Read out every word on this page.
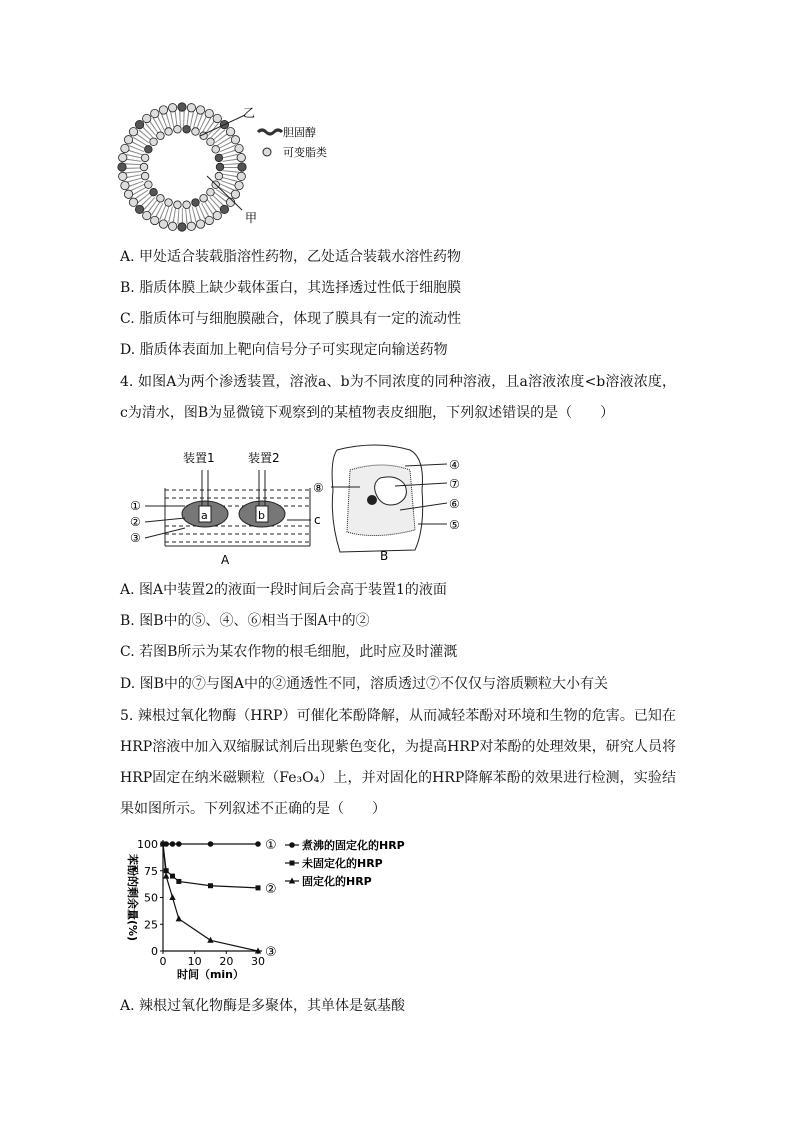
乙
甲
胆固醇
可变脂类
A. 甲处适合装载脂溶性药物，乙处适合装载水溶性药物
B. 脂质体膜上缺少载体蛋白，其选择透过性低于细胞膜
C. 脂质体可与细胞膜融合，体现了膜具有一定的流动性
D. 脂质体表面加上靶向信号分子可实现定向输送药物
4. 如图A为两个渗透装置，溶液a、b为不同浓度的同种溶液，且a溶液浓度<b溶液浓度，c为清水，图B为显微镜下观察到的某植物表皮细胞，下列叙述错误的是（　　）
装置1	装置2
a	b	c
①
②
③
A
④
⑦
⑥
⑤
⑧
B
A. 图A中装置2的液面一段时间后会高于装置1的液面
B. 图B中的⑤、④、⑥相当于图A中的②
C. 若图B所示为某农作物的根毛细胞，此时应及时灌溉
D. 图B中的⑦与图A中的②通透性不同，溶质透过⑦不仅仅与溶质颗粒大小有关
5. 辣根过氧化物酶（HRP）可催化苯酚降解，从而减轻苯酚对环境和生物的危害。已知在HRP溶液中加入双缩脲试剂后出现紫色变化，为提高HRP对苯酚的处理效果，研究人员将HRP固定在纳米磁颗粒（Fe₃O₄）上，并对固化的HRP降解苯酚的效果进行检测，实验结果如图所示。下列叙述不正确的是（　　）
0
25
50
75
100
0 10 20 30
时间（min）
苯酚的剩余量(%)
① 煮沸的固定化的HRP
②
未固定化的HRP
③
固定化的HRP
A. 辣根过氧化物酶是多聚体，其单体是氨基酸
